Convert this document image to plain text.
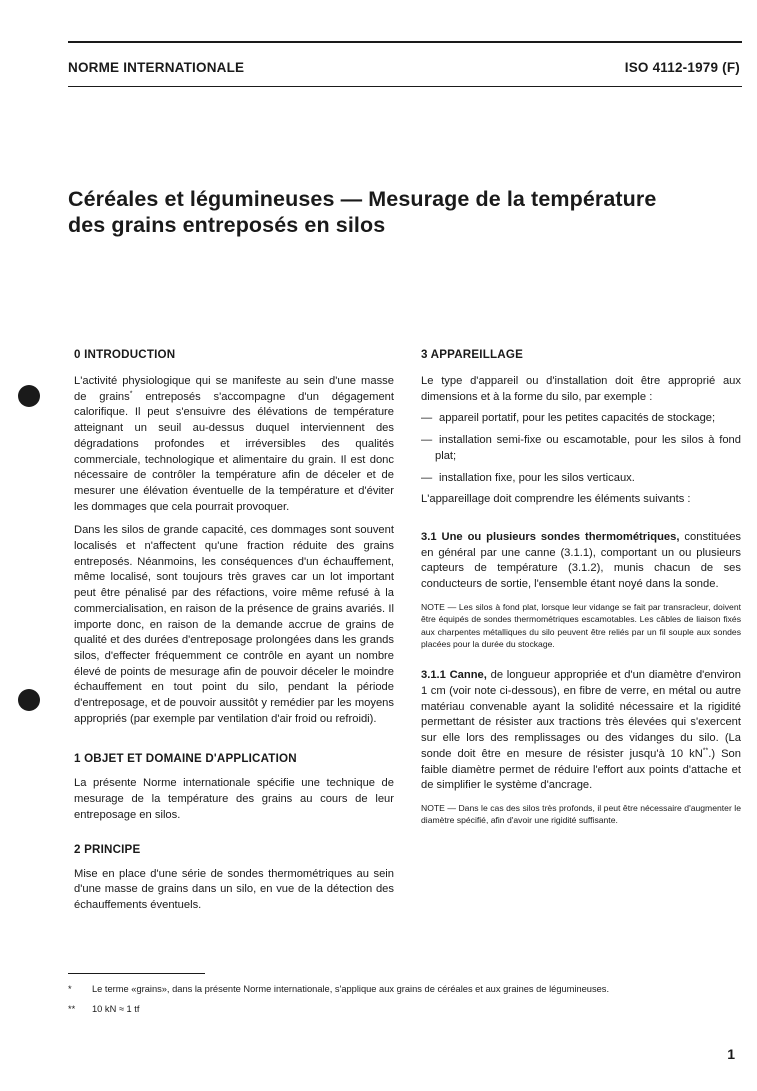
NORME INTERNATIONALE	ISO 4112-1979 (F)
Céréales et légumineuses — Mesurage de la température
des grains entreposés en silos
0 INTRODUCTION

L'activité physiologique qui se manifeste au sein d'une masse de grains* entreposés s'accompagne d'un dégagement calorifique. Il peut s'ensuivre des élévations de température atteignant un seuil au-dessus duquel interviennent des dégradations profondes et irréversibles des qualités commerciale, technologique et alimentaire du grain. Il est donc nécessaire de contrôler la température afin de déceler et de mesurer une élévation éventuelle de la température et d'éviter les dommages que cela pourrait provoquer.

Dans les silos de grande capacité, ces dommages sont souvent localisés et n'affectent qu'une fraction réduite des grains entreposés. Néanmoins, les conséquences d'un échauffement, même localisé, sont toujours très graves car un lot important peut être pénalisé par des réfactions, voire même refusé à la commercialisation, en raison de la présence de grains avariés. Il importe donc, en raison de la demande accrue de grains de qualité et des durées d'entreposage prolongées dans les grands silos, d'effecter fréquemment ce contrôle en ayant un nombre élevé de points de mesurage afin de pouvoir déceler le moindre échauffement en tout point du silo, pendant la période d'entreposage, et de pouvoir aussitôt y remédier par les moyens appropriés (par exemple par ventilation d'air froid ou refroidi).

1 OBJET ET DOMAINE D'APPLICATION

La présente Norme internationale spécifie une technique de mesurage de la température des grains au cours de leur entreposage en silos.

2 PRINCIPE

Mise en place d'une série de sondes thermométriques au sein d'une masse de grains dans un silo, en vue de la détection des échauffements éventuels.

3 APPAREILLAGE

Le type d'appareil ou d'installation doit être approprié aux dimensions et à la forme du silo, par exemple :

— appareil portatif, pour les petites capacités de stockage;

— installation semi-fixe ou escamotable, pour les silos à fond plat;

— installation fixe, pour les silos verticaux.

L'appareillage doit comprendre les éléments suivants :

3.1 Une ou plusieurs sondes thermométriques, constituées en général par une canne (3.1.1), comportant un ou plusieurs capteurs de température (3.1.2), munis chacun de ses conducteurs de sortie, l'ensemble étant noyé dans la sonde.

NOTE — Les silos à fond plat, lorsque leur vidange se fait par transracleur, doivent être équipés de sondes thermométriques escamotables. Les câbles de liaison fixés aux charpentes métalliques du silo peuvent être reliés par un fil souple aux sondes placées pour la durée du stockage.

3.1.1 Canne, de longueur appropriée et d'un diamètre d'environ 1 cm (voir note ci-dessous), en fibre de verre, en métal ou autre matériau convenable ayant la solidité nécessaire et la rigidité permettant de résister aux tractions très élevées qui s'exercent sur elle lors des remplissages ou des vidanges du silo. (La sonde doit être en mesure de résister jusqu'à 10 kN**.) Son faible diamètre permet de réduire l'effort aux points d'attache et de simplifier le système d'ancrage.

NOTE — Dans le cas des silos très profonds, il peut être nécessaire d'augmenter le diamètre spécifié, afin d'avoir une rigidité suffisante.

* Le terme «grains», dans la présente Norme internationale, s'applique aux grains de céréales et aux graines de légumineuses.
** 10 kN ≈ 1 tf
1
